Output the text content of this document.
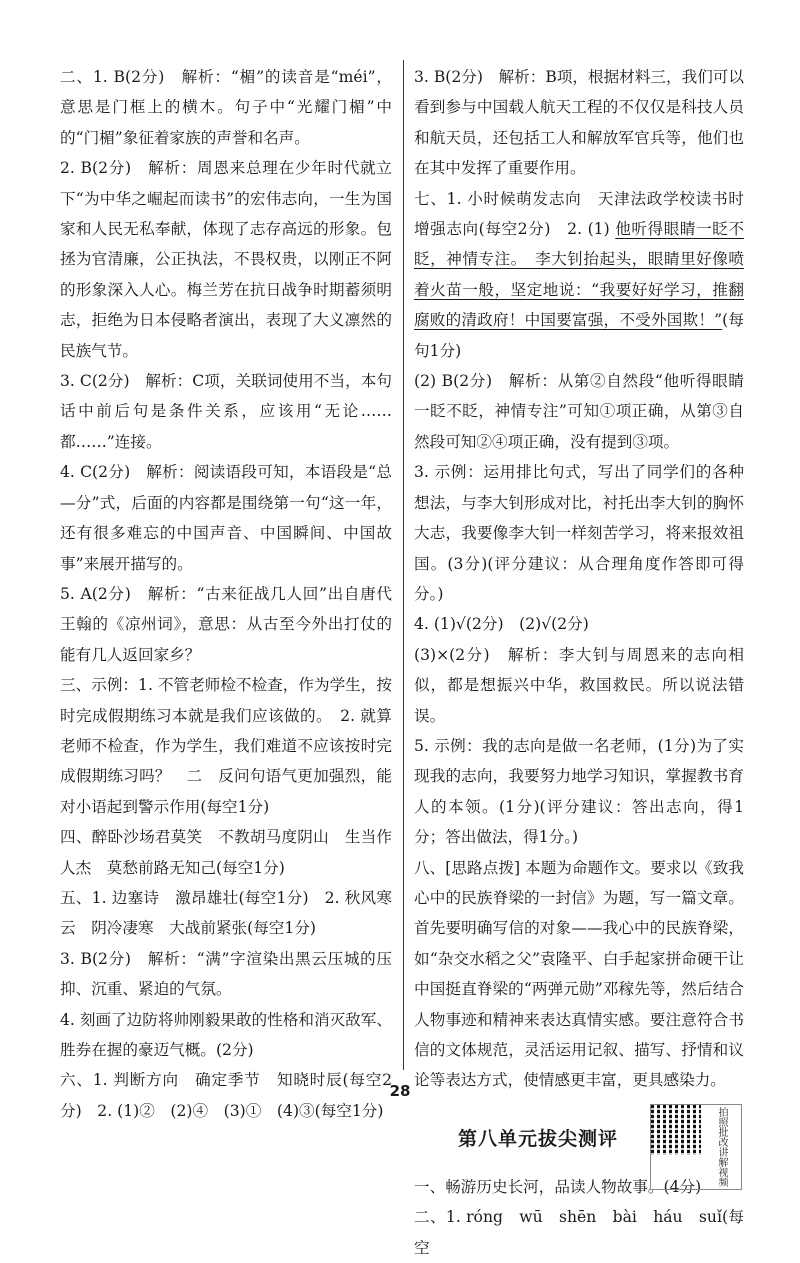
二、1. B(2分)　解析：“楣”的读音是“méi”，意思是门框上的横木。句子中“光耀门楣”中的“门楣”象征着家族的声誉和名声。

2. B(2分)　解析：周恩来总理在少年时代就立下“为中华之崛起而读书”的宏伟志向，一生为国家和人民无私奉献，体现了志存高远的形象。包拯为官清廉，公正执法，不畏权贵，以刚正不阿的形象深入人心。梅兰芳在抗日战争时期蓄须明志，拒绝为日本侵略者演出，表现了大义凛然的民族气节。

3. C(2分)　解析：C项，关联词使用不当，本句话中前后句是条件关系，应该用“无论……都……”连接。

4. C(2分)　解析：阅读语段可知，本语段是“总—分”式，后面的内容都是围绕第一句“这一年，还有很多难忘的中国声音、中国瞬间、中国故事”来展开描写的。

5. A(2分)　解析：“古来征战几人回”出自唐代王翰的《凉州词》，意思：从古至今外出打仗的能有几人返回家乡？

三、示例：1. 不管老师检不检查，作为学生，按时完成假期练习本就是我们应该做的。　2. 就算老师不检查，作为学生，我们难道不应该按时完成假期练习吗？　二　反问句语气更加强烈，能对小语起到警示作用(每空1分)

四、醉卧沙场君莫笑　不教胡马度阴山　生当作人杰　莫愁前路无知己(每空1分)

五、1. 边塞诗　激昂雄壮(每空1分)　2. 秋风寒云　阴冷凄寒　大战前紧张(每空1分)

3. B(2分)　解析：“满”字渲染出黑云压城的压抑、沉重、紧迫的气氛。

4. 刻画了边防将帅刚毅果敢的性格和消灭敌军、胜券在握的豪迈气概。(2分)

六、1. 判断方向　确定季节　知晓时辰(每空2分)　2. (1)②　(2)④　(3)①　(4)③(每空1分)

3. B(2分)　解析：B项，根据材料三，我们可以看到参与中国载人航天工程的不仅仅是科技人员和航天员，还包括工人和解放军官兵等，他们也在其中发挥了重要作用。

七、1. 小时候萌发志向　天津法政学校读书时增强志向(每空2分)　2. (1) 他听得眼睛一眨不眨，神情专注。　李大钊抬起头，眼睛里好像喷着火苗一般，坚定地说：“我要好好学习，推翻腐败的清政府！中国要富强，不受外国欺！”(每句1分)

(2) B(2分)　解析：从第②自然段“他听得眼睛一眨不眨，神情专注”可知①项正确，从第③自然段可知②④项正确，没有提到③项。

3. 示例：运用排比句式，写出了同学们的各种想法，与李大钊形成对比，衬托出李大钊的胸怀大志，我要像李大钊一样刻苦学习，将来报效祖国。(3分)(评分建议：从合理角度作答即可得分。)

4. (1)√(2分)　(2)√(2分)

(3)×(2分)　解析：李大钊与周恩来的志向相似，都是想振兴中华，救国救民。所以说法错误。

5. 示例：我的志向是做一名老师，(1分)为了实现我的志向，我要努力地学习知识，掌握教书育人的本领。(1分)(评分建议：答出志向，得1分；答出做法，得1分。)

八、[思路点拨] 本题为命题作文。要求以《致我心中的民族脊梁的一封信》为题，写一篇文章。首先要明确写信的对象——我心中的民族脊梁，如“杂交水稻之父”袁隆平、白手起家拼命硬干让中国挺直脊梁的“两弹元勋”邓稼先等，然后结合人物事迹和精神来表达真情实感。要注意符合书信的文体规范，灵活运用记叙、描写、抒情和议论等表达方式，使情感更丰富，更具感染力。

第八单元拔尖测评	拍照批改讲解视频

一、畅游历史长河，品读人物故事。(4分)

二、1. róng　wū　shēn　bài　háu　suǐ(每空

28
